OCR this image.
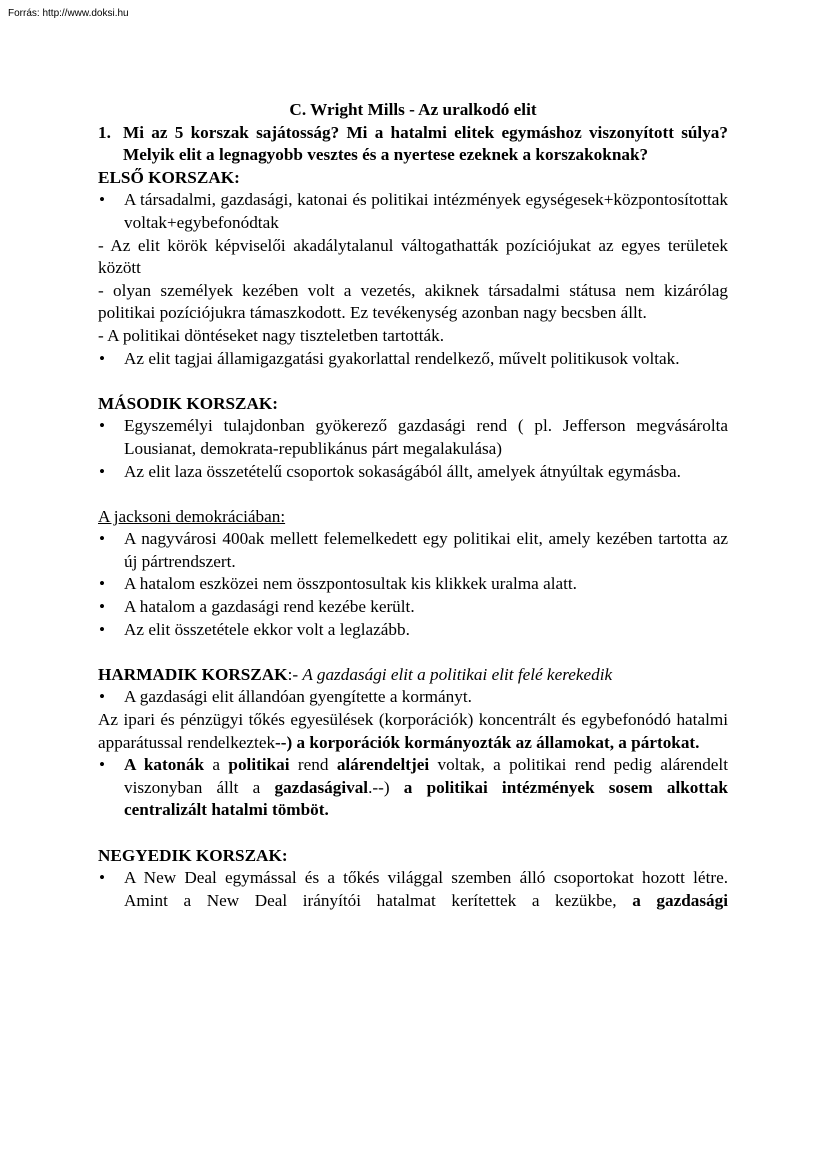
Forrás: http://www.doksi.hu

C. Wright Mills - Az uralkodó elit

1. Mi az 5 korszak sajátosság? Mi a hatalmi elitek egymáshoz viszonyított súlya? Melyik elit a legnagyobb vesztes és a nyertese ezeknek a korszakoknak?

ELSŐ KORSZAK:

•	A társadalmi, gazdasági, katonai és politikai intézmények egységesek+központosítottak voltak+egybefonódtak

- Az elit körök képviselői akadálytalanul váltogathatták pozíciójukat az egyes területek között

- olyan személyek kezében volt a vezetés, akiknek társadalmi státusa nem kizárólag politikai pozíciójukra támaszkodott. Ez tevékenység azonban nagy becsben állt.

- A politikai döntéseket nagy tiszteletben tartották.

•	Az elit tagjai államigazgatási gyakorlattal rendelkező, művelt politikusok voltak.

MÁSODIK KORSZAK:

•	Egyszemélyi tulajdonban gyökerező gazdasági rend ( pl. Jefferson megvásárolta Lousianat, demokrata-republikánus párt megalakulása)
•	Az elit laza összetételű csoportok sokaságából állt, amelyek átnyúltak egymásba.

A jacksoni demokráciában:

•	A nagyvárosi 400ak mellett felemelkedett egy politikai elit, amely kezében tartotta az új pártrendszert.
•	A hatalom eszközei nem összpontosultak kis klikkek uralma alatt.
•	A hatalom a gazdasági rend kezébe került.
•	Az elit összetétele ekkor volt a leglazább.

HARMADIK KORSZAK:- A gazdasági elit a politikai elit felé kerekedik

•	A gazdasági elit állandóan gyengítette a kormányt.

Az ipari és pénzügyi tőkés egyesülések (korporációk) koncentrált és egybefonódó hatalmi apparátussal rendelkeztek--) a korporációk kormányozták az államokat, a pártokat.

•	A katonák a politikai rend alárendeltjei voltak, a politikai rend pedig alárendelt viszonyban állt a gazdaságival.--) a politikai intézmények sosem alkottak centralizált hatalmi tömböt.

NEGYEDIK KORSZAK:

•	A New Deal egymással és a tőkés világgal szemben álló csoportokat hozott létre. Amint a New Deal irányítói hatalmat kerítettek a kezükbe, a gazdasági
